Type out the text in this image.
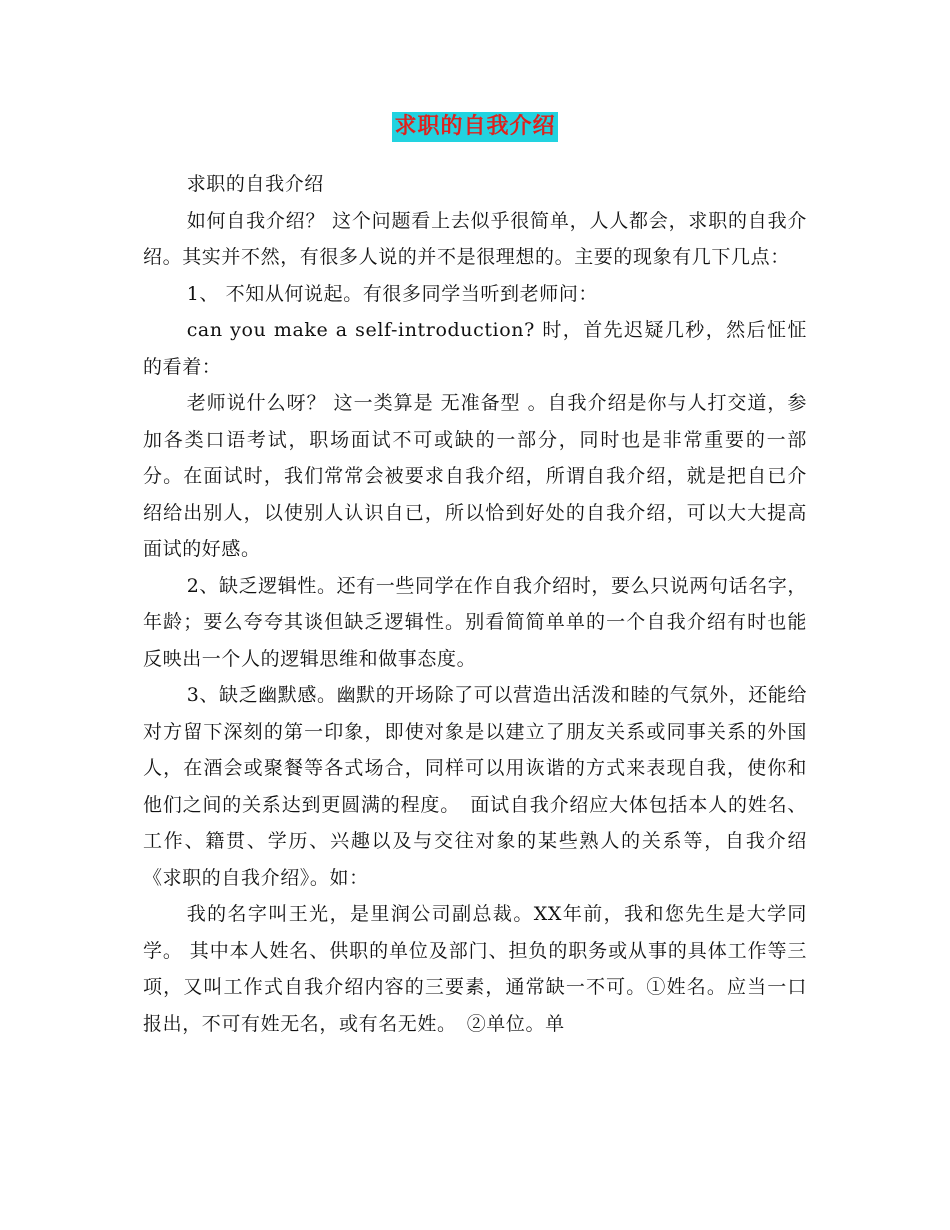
求职的自我介绍

求职的自我介绍

如何自我介绍？ 这个问题看上去似乎很简单，人人都会，求职的自我介绍。其实并不然，有很多人说的并不是很理想的。主要的现象有几下几点：

1、 不知从何说起。有很多同学当听到老师问：

can you make a self-introduction? 时，首先迟疑几秒，然后怔怔的看着：

老师说什么呀？ 这一类算是 无准备型 。自我介绍是你与人打交道，参加各类口语考试，职场面试不可或缺的一部分，同时也是非常重要的一部分。在面试时，我们常常会被要求自我介绍，所谓自我介绍，就是把自已介绍给出别人，以使别人认识自已，所以恰到好处的自我介绍，可以大大提高面试的好感。

2、缺乏逻辑性。还有一些同学在作自我介绍时，要么只说两句话名字，年龄；要么夸夸其谈但缺乏逻辑性。别看简简单单的一个自我介绍有时也能反映出一个人的逻辑思维和做事态度。

3、缺乏幽默感。幽默的开场除了可以营造出活泼和睦的气氛外，还能给对方留下深刻的第一印象，即使对象是以建立了朋友关系或同事关系的外国人，在酒会或聚餐等各式场合，同样可以用诙谐的方式来表现自我，使你和他们之间的关系达到更圆满的程度。　面试自我介绍应大体包括本人的姓名、工作、籍贯、学历、兴趣以及与交往对象的某些熟人的关系等，自我介绍《求职的自我介绍》。如：

我的名字叫王光，是里润公司副总裁。XX年前，我和您先生是大学同学。 其中本人姓名、供职的单位及部门、担负的职务或从事的具体工作等三项，又叫工作式自我介绍内容的三要素，通常缺一不可。①姓名。应当一口报出，不可有姓无名，或有名无姓。　②单位。单
